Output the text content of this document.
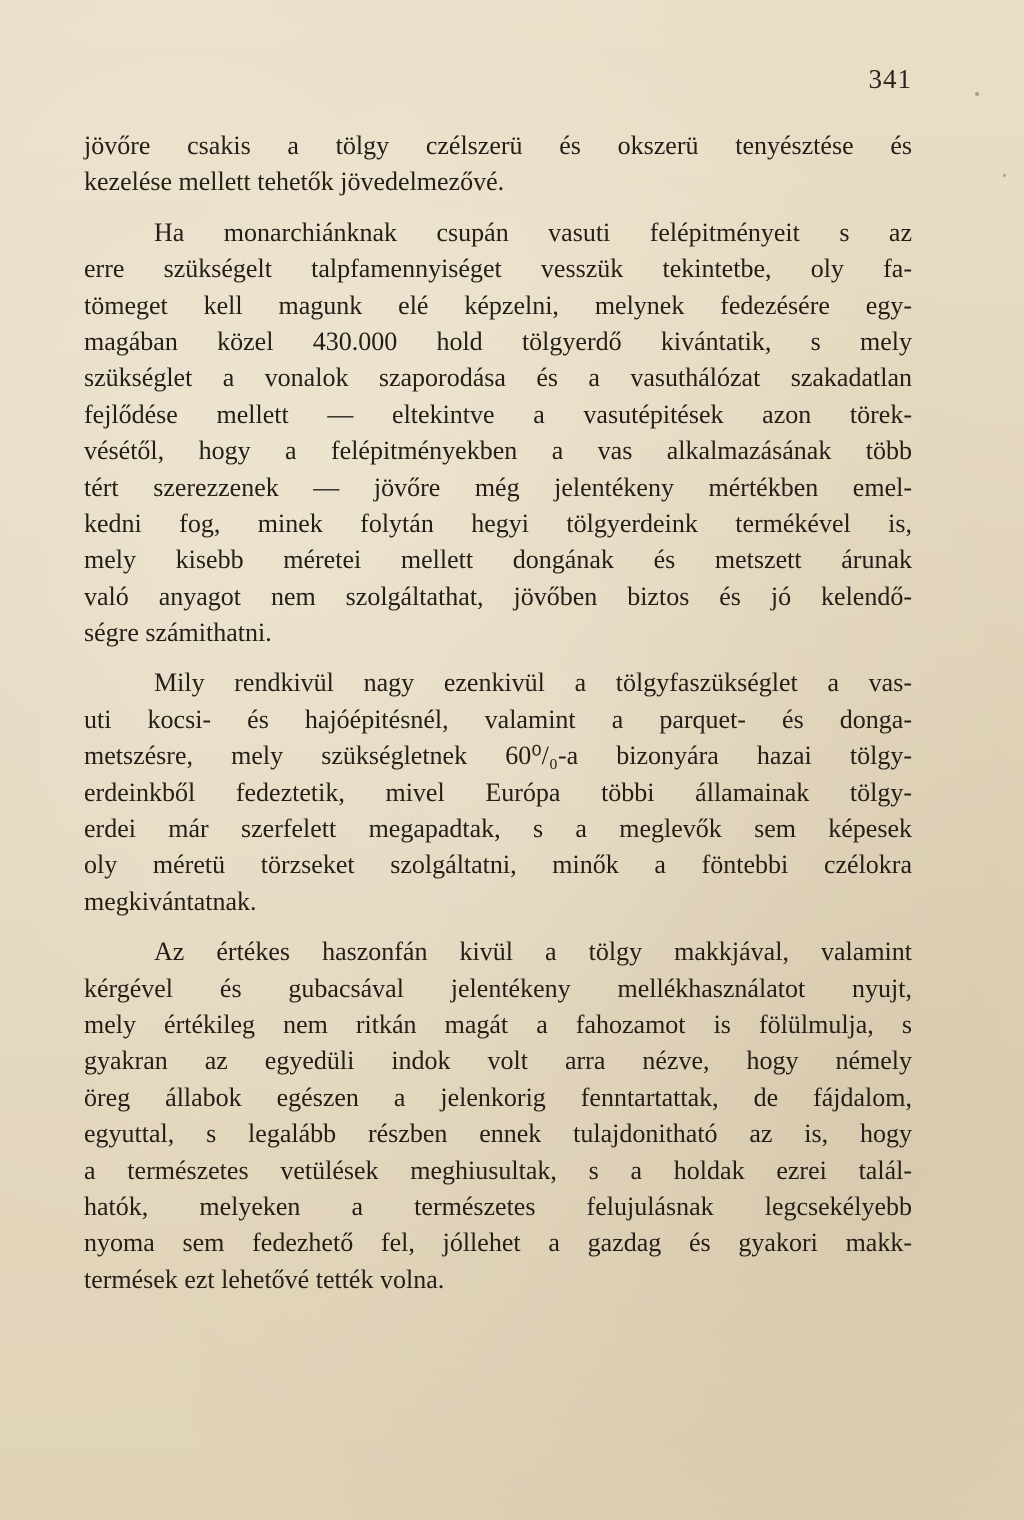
341
jövőre csakis a tölgy czélszerü és okszerü tenyésztése és
kezelése mellett tehetők jövedelmezővé.
Ha monarchiánknak csupán vasuti felépitményeit s az
erre szükségelt talpfamennyiséget vesszük tekintetbe, oly fa-
tömeget kell magunk elé képzelni, melynek fedezésére egy-
magában közel 430.000 hold tölgyerdő kivántatik, s mely
szükséglet a vonalok szaporodása és a vasuthálózat szakadatlan
fejlődése mellett — eltekintve a vasutépitések azon törek-
vésétől, hogy a felépitményekben a vas alkalmazásának több
tért szerezzenek — jövőre még jelentékeny mértékben emel-
kedni fog, minek folytán hegyi tölgyerdeink termékével is,
mely kisebb méretei mellett dongának és metszett árunak
való anyagot nem szolgáltathat, jövőben biztos és jó kelendő-
ségre számithatni.
Mily rendkivül nagy ezenkivül a tölgyfaszükséglet a vas-
uti kocsi- és hajóépitésnél, valamint a parquet- és donga-
metszésre, mely szükségletnek 60⁰/₀-a bizonyára hazai tölgy-
erdeinkből fedeztetik, mivel Európa többi államainak tölgy-
erdei már szerfelett megapadtak, s a meglevők sem képesek
oly méretü törzseket szolgáltatni, minők a föntebbi czélokra
megkivántatnak.
Az értékes haszonfán kivül a tölgy makkjával, valamint
kérgével és gubacsával jelentékeny mellékhasználatot nyujt,
mely értékileg nem ritkán magát a fahozamot is fölülmulja, s
gyakran az egyedüli indok volt arra nézve, hogy némely
öreg állabok egészen a jelenkorig fenntartattak, de fájdalom,
egyuttal, s legalább részben ennek tulajdonitható az is, hogy
a természetes vetülések meghiusultak, s a holdak ezrei talál-
hatók, melyeken a természetes felujulásnak legcsekélyebb
nyoma sem fedezhető fel, jóllehet a gazdag és gyakori makk-
termések ezt lehetővé tették volna.
